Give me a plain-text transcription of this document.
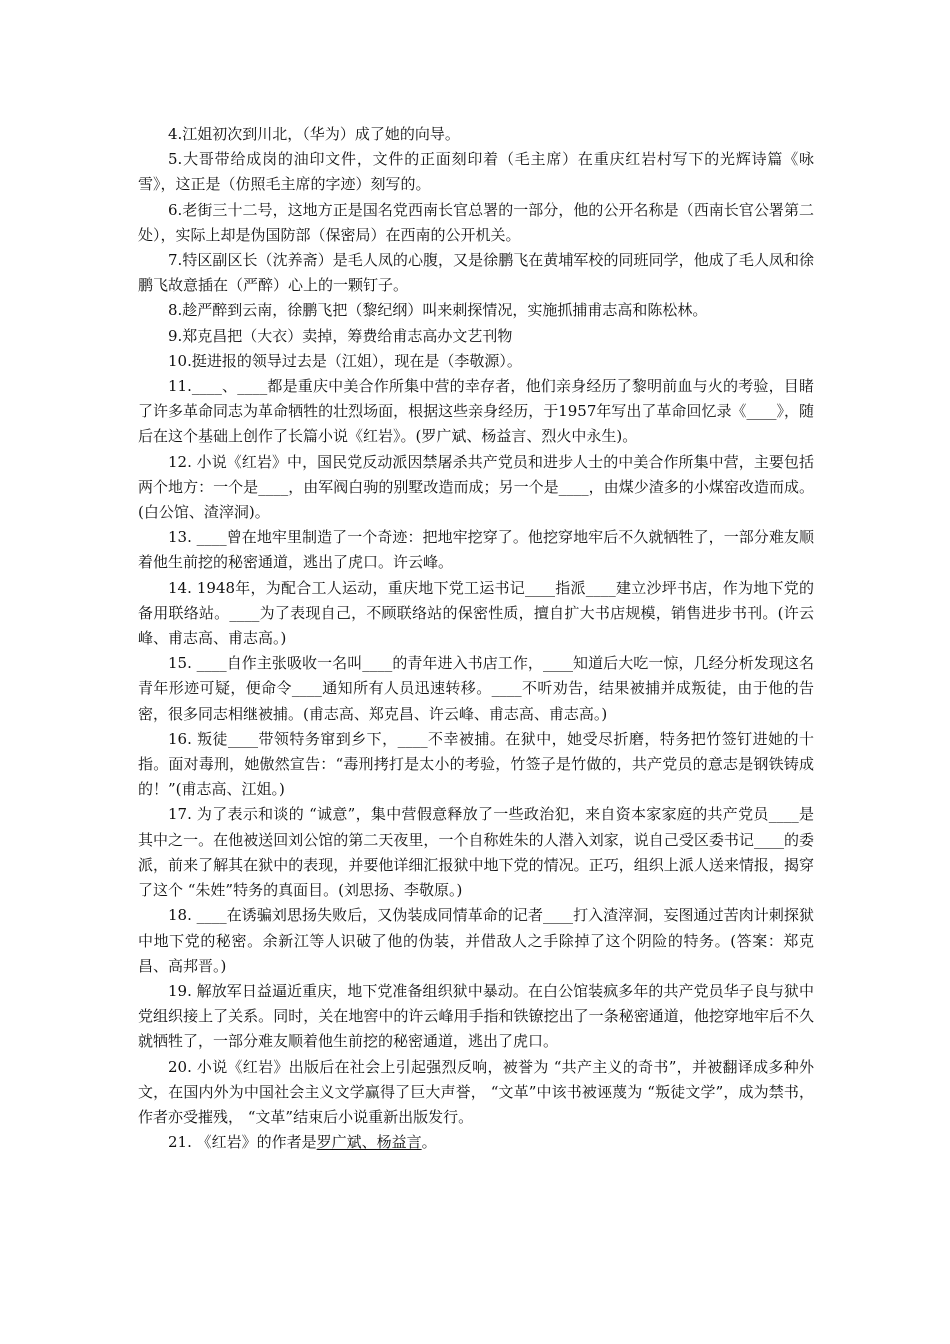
4.江姐初次到川北，（华为）成了她的向导。

5.大哥带给成岗的油印文件，文件的正面刻印着（毛主席）在重庆红岩村写下的光辉诗篇《咏雪》，这正是（仿照毛主席的字迹）刻写的。

6.老街三十二号，这地方正是国名党西南长官总署的一部分，他的公开名称是（西南长官公署第二处），实际上却是伪国防部（保密局）在西南的公开机关。

7.特区副区长（沈养斋）是毛人凤的心腹，又是徐鹏飞在黄埔军校的同班同学，他成了毛人凤和徐鹏飞故意插在（严醉）心上的一颗钉子。

8.趁严醉到云南，徐鹏飞把（黎纪纲）叫来刺探情况，实施抓捕甫志高和陈松林。

9.郑克昌把（大衣）卖掉，筹费给甫志高办文艺刊物

10.挺进报的领导过去是（江姐），现在是（李敬源）。

11.____、____都是重庆中美合作所集中营的幸存者，他们亲身经历了黎明前血与火的考验，目睹了许多革命同志为革命牺牲的壮烈场面，根据这些亲身经历，于1957年写出了革命回忆录《____》，随后在这个基础上创作了长篇小说《红岩》。(罗广斌、杨益言、烈火中永生)。

12. 小说《红岩》中，国民党反动派因禁屠杀共产党员和进步人士的中美合作所集中营，主要包括两个地方：一个是____，由军阀白驹的别墅改造而成；另一个是____，由煤少渣多的小煤窑改造而成。(白公馆、渣滓洞)。

13. ____曾在地牢里制造了一个奇迹：把地牢挖穿了。他挖穿地牢后不久就牺牲了，一部分难友顺着他生前挖的秘密通道，逃出了虎口。许云峰。

14. 1948年，为配合工人运动，重庆地下党工运书记____指派____建立沙坪书店，作为地下党的备用联络站。____为了表现自己，不顾联络站的保密性质，擅自扩大书店规模，销售进步书刊。(许云峰、甫志高、甫志高。)

15. ____自作主张吸收一名叫____的青年进入书店工作，____知道后大吃一惊，几经分析发现这名青年形迹可疑，便命令____通知所有人员迅速转移。____不听劝告，结果被捕并成叛徒，由于他的告密，很多同志相继被捕。(甫志高、郑克昌、许云峰、甫志高、甫志高。)

16. 叛徒____带领特务窜到乡下，____不幸被捕。在狱中，她受尽折磨，特务把竹签钉进她的十指。面对毒刑，她傲然宣告：“毒刑拷打是太小的考验，竹签子是竹做的，共产党员的意志是钢铁铸成的！”(甫志高、江姐。)

17. 为了表示和谈的 “诚意”，集中营假意释放了一些政治犯，来自资本家家庭的共产党员____是其中之一。在他被送回刘公馆的第二天夜里，一个自称姓朱的人潜入刘家，说自己受区委书记____的委派，前来了解其在狱中的表现，并要他详细汇报狱中地下党的情况。正巧，组织上派人送来情报，揭穿了这个 “朱姓”特务的真面目。(刘思扬、李敬原。)

18. ____在诱骗刘思扬失败后，又伪装成同情革命的记者____打入渣滓洞，妄图通过苦肉计刺探狱中地下党的秘密。余新江等人识破了他的伪装，并借敌人之手除掉了这个阴险的特务。(答案：郑克昌、高邦晋。)

19. 解放军日益逼近重庆，地下党准备组织狱中暴动。在白公馆装疯多年的共产党员华子良与狱中党组织接上了关系。同时，关在地窖中的许云峰用手指和铁镣挖出了一条秘密通道，他挖穿地牢后不久就牺牲了，一部分难友顺着他生前挖的秘密通道，逃出了虎口。

20. 小说《红岩》出版后在社会上引起强烈反响，被誉为 “共产主义的奇书”，并被翻译成多种外文，在国内外为中国社会主义文学赢得了巨大声誉， “文革”中该书被诬蔑为 “叛徒文学”，成为禁书，作者亦受摧残， “文革”结束后小说重新出版发行。

21. 《红岩》的作者是罗广斌、杨益言。
